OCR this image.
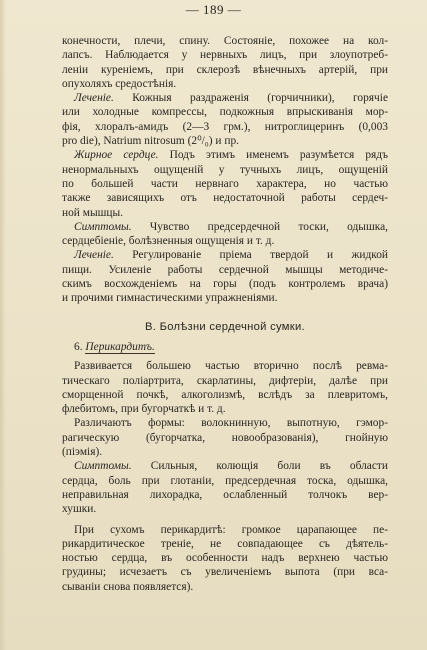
— 189 —

конечности, плечи, спину. Состояніе, похожее на кол-
лапсъ. Наблюдается у нервныхъ лицъ, при злоупотреб-
леніи куреніемъ, при склерозѣ вѣнечныхъ артерій, при
опухоляхъ средостѣнія.

Леченіе. Кожныя раздраженія (горчичники), горячіе
или холодные компрессы, подкожныя впрыскиванія мор-
фія, хлоралъ-амидъ (2—3 грм.), нитроглицеринъ (0,003
pro die), Natrium nitrosum (2⁰/₀) и пр.

Жирное сердце. Подъ этимъ именемъ разумѣется рядъ
ненормальныхъ ощущеній у тучныхъ лицъ, ощущеній
по большей части нервнаго характера, но частью
также зависящихъ отъ недостаточной работы сердеч-
ной мышцы.

Симптомы. Чувство предсердечной тоски, одышка,
сердцебіеніе, болѣзненныя ощущенія и т. д.

Леченіе. Регулированіе пріема твердой и жидкой
пищи. Усиленіе работы сердечной мышцы методиче-
скимъ восхожденіемъ на горы (подъ контролемъ врача)
и прочими гимнастическими упражненіями.

В. Болѣзни сердечной сумки.
6. Перикардитъ.

Развивается большею частью вторично послѣ ревма-
тическаго поліартрита, скарлатины, дифтеріи, далѣе при
сморщенной почкѣ, алкоголизмѣ, вслѣдъ за плевритомъ,
флебитомъ, при бугорчаткѣ и т. д.

Различаютъ формы: волокнинную, выпотную, гэмор-
рагическую (бугорчатка, новообразованія), гнойную
(піэмія).

Симптомы. Сильныя, колющія боли въ области
сердца, боль при глотаніи, предсердечная тоска, одышка,
неправильная лихорадка, ослабленный толчокъ вер-
хушки.

При сухомъ перикардитѣ: громкое царапающее пе-
рикардитическое треніе, не совпадающее съ дѣятель-
ностью сердца, въ особенности надъ верхнею частью
грудины; исчезаетъ съ увеличеніемъ выпота (при вса-
сываніи снова появляется).
